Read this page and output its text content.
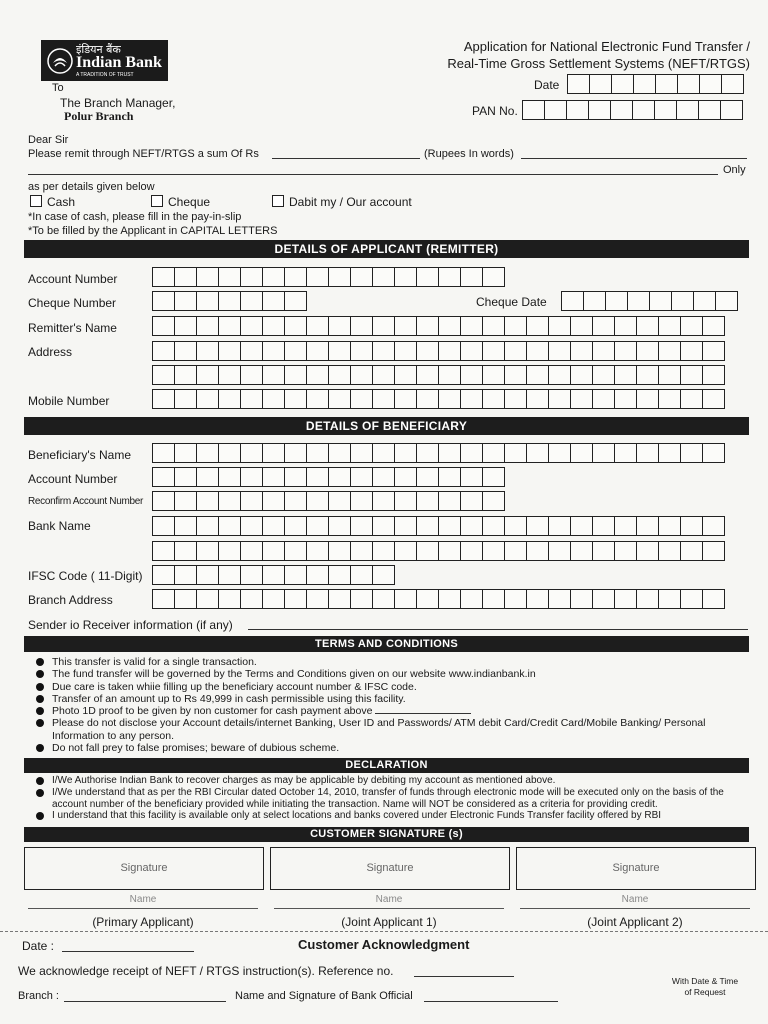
इंडियन बैंक
Indian Bank
A TRADITION OF TRUST
Application for National Electronic Fund Transfer /
Real-Time Gross Settlement Systems (NEFT/RTGS)
To
The Branch Manager,
Polur Branch
Date
PAN No.
Dear Sir
Please remit through NEFT/RTGS a sum Of Rs	(Rupees In words)
Only
as per details given below
Cash	Cheque	Dabit my / Our account
*In case of cash, please fill in the pay-in-slip
*To be filled by the Applicant in CAPITAL LETTERS
DETAILS OF APPLICANT (REMITTER)
Account Number
Cheque Number	Cheque Date
Remitter's Name
Address
Mobile Number
DETAILS OF BENEFICIARY
Beneficiary's Name
Account Number
Reconfirm Account Number
Bank Name
IFSC Code ( 11-Digit)
Branch Address
Sender io Receiver information (if any)
TERMS AND CONDITIONS
This transfer is valid for a single transaction.
The fund transfer will be governed by the Terms and Conditions given on our website www.indianbank.in
Due care is taken whiie filling up the beneficiary account number & IFSC code.
Transfer of an amount up to Rs 49,999 in cash permissible using this facility.
Photo 1D proof to be given by non customer for cash payment above
Please do not disclose your Account details/internet Banking, User ID and Passwords/ ATM debit Card/Credit Card/Mobile Banking/ Personal Information to any person.
Do not fall prey to false promises; beware of dubious scheme.
DECLARATION
I/We Authorise Indian Bank to recover charges as may be applicable by debiting my account as mentioned above.
I/We understand that as per the RBI Circular dated October 14, 2010, transfer of funds through electronic mode will be executed only on the basis of the account number of the beneficiary provided while initiating the transaction. Name will NOT be considered as a criteria for providing credit.
I understand that this facility is available only at select locations and banks covered under Electronic Funds Transfer facility offered by RBI
CUSTOMER SIGNATURE (s)
Signature	Signature	Signature
Name	Name	Name
(Primary Applicant)	(Joint Applicant 1)	(Joint Applicant 2)
Date :	Customer Acknowledgment
We acknowledge receipt of NEFT / RTGS instruction(s). Reference no.
Branch :	Name and Signature of Bank Official
With Date & Time
of Request
